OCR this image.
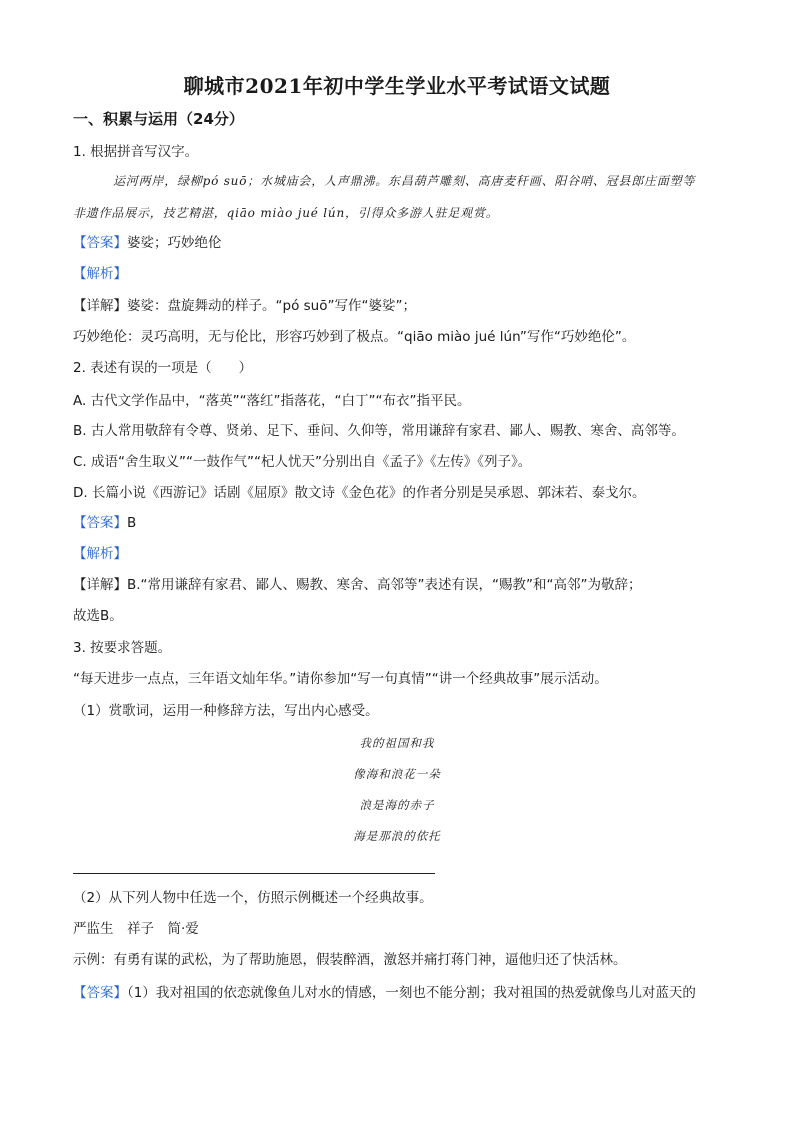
聊城市2021年初中学生学业水平考试语文试题
一、积累与运用（24分）
1. 根据拼音写汉字。
运河两岸，绿柳pó suō；水城庙会，人声鼎沸。东昌葫芦雕刻、高唐麦秆画、阳谷哨、冠县郎庄面塑等
非遗作品展示，技艺精湛，qiāo miào jué lún，引得众多游人驻足观赏。
【答案】婆娑；巧妙绝伦
【解析】
【详解】婆娑：盘旋舞动的样子。“pó suō”写作“婆娑”；
巧妙绝伦：灵巧高明，无与伦比，形容巧妙到了极点。“qiāo miào jué lún”写作“巧妙绝伦”。
2. 表述有误的一项是（　　）
A. 古代文学作品中，“落英”“落红”指落花，“白丁”“布衣”指平民。
B. 古人常用敬辞有令尊、贤弟、足下、垂问、久仰等，常用谦辞有家君、鄙人、赐教、寒舍、高邻等。
C. 成语“舍生取义”“一鼓作气”“杞人忧天”分别出自《孟子》《左传》《列子》。
D. 长篇小说《西游记》话剧《屈原》散文诗《金色花》的作者分别是吴承恩、郭沫若、泰戈尔。
【答案】B
【解析】
【详解】B.“常用谦辞有家君、鄙人、赐教、寒舍、高邻等”表述有误，“赐教”和“高邻”为敬辞；
故选B。
3. 按要求答题。
“每天进步一点点，三年语文灿年华。”请你参加“写一句真情”“讲一个经典故事”展示活动。
（1）赏歌词，运用一种修辞方法，写出内心感受。
我的祖国和我
像海和浪花一朵
浪是海的赤子
海是那浪的依托
（2）从下列人物中任选一个，仿照示例概述一个经典故事。
严监生　祥子　简·爱
示例：有勇有谋的武松，为了帮助施恩，假装醉酒，激怒并痛打蒋门神，逼他归还了快活林。
【答案】（1）我对祖国的依恋就像鱼儿对水的情感，一刻也不能分割；我对祖国的热爱就像鸟儿对蓝天的
